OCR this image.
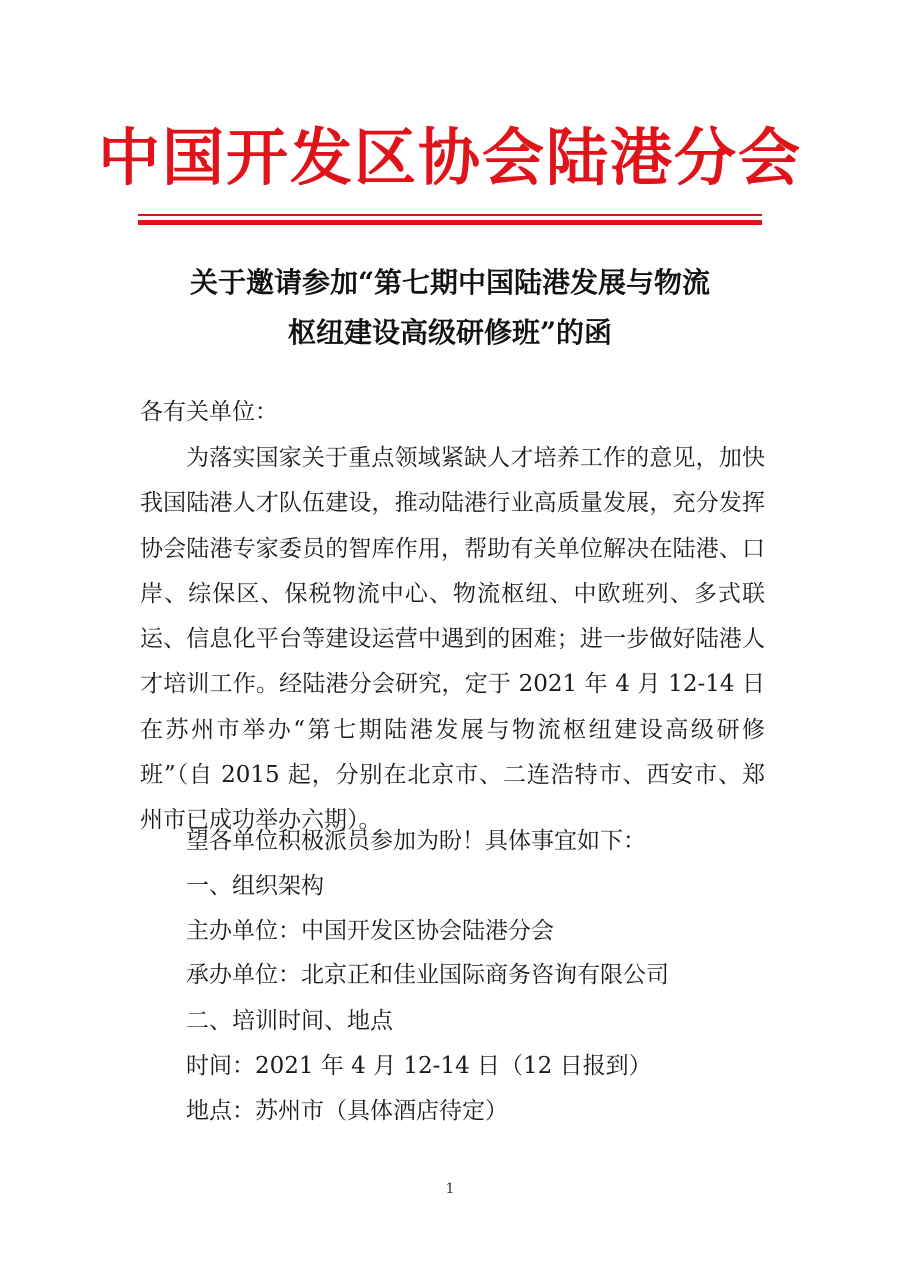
中国开发区协会陆港分会
关于邀请参加“第七期中国陆港发展与物流
枢纽建设高级研修班”的函
各有关单位：
为落实国家关于重点领域紧缺人才培养工作的意见，加快我国陆港人才队伍建设，推动陆港行业高质量发展，充分发挥协会陆港专家委员的智库作用，帮助有关单位解决在陆港、口岸、综保区、保税物流中心、物流枢纽、中欧班列、多式联运、信息化平台等建设运营中遇到的困难；进一步做好陆港人才培训工作。经陆港分会研究，定于 2021 年 4 月 12-14 日在苏州市举办“第七期陆港发展与物流枢纽建设高级研修班”（自 2015 起，分别在北京市、二连浩特市、西安市、郑州市已成功举办六期）。
望各单位积极派员参加为盼！具体事宜如下：
一、组织架构
主办单位：中国开发区协会陆港分会
承办单位：北京正和佳业国际商务咨询有限公司
二、培训时间、地点
时间：2021 年 4 月 12-14 日（12 日报到）
地点：苏州市（具体酒店待定）
1
